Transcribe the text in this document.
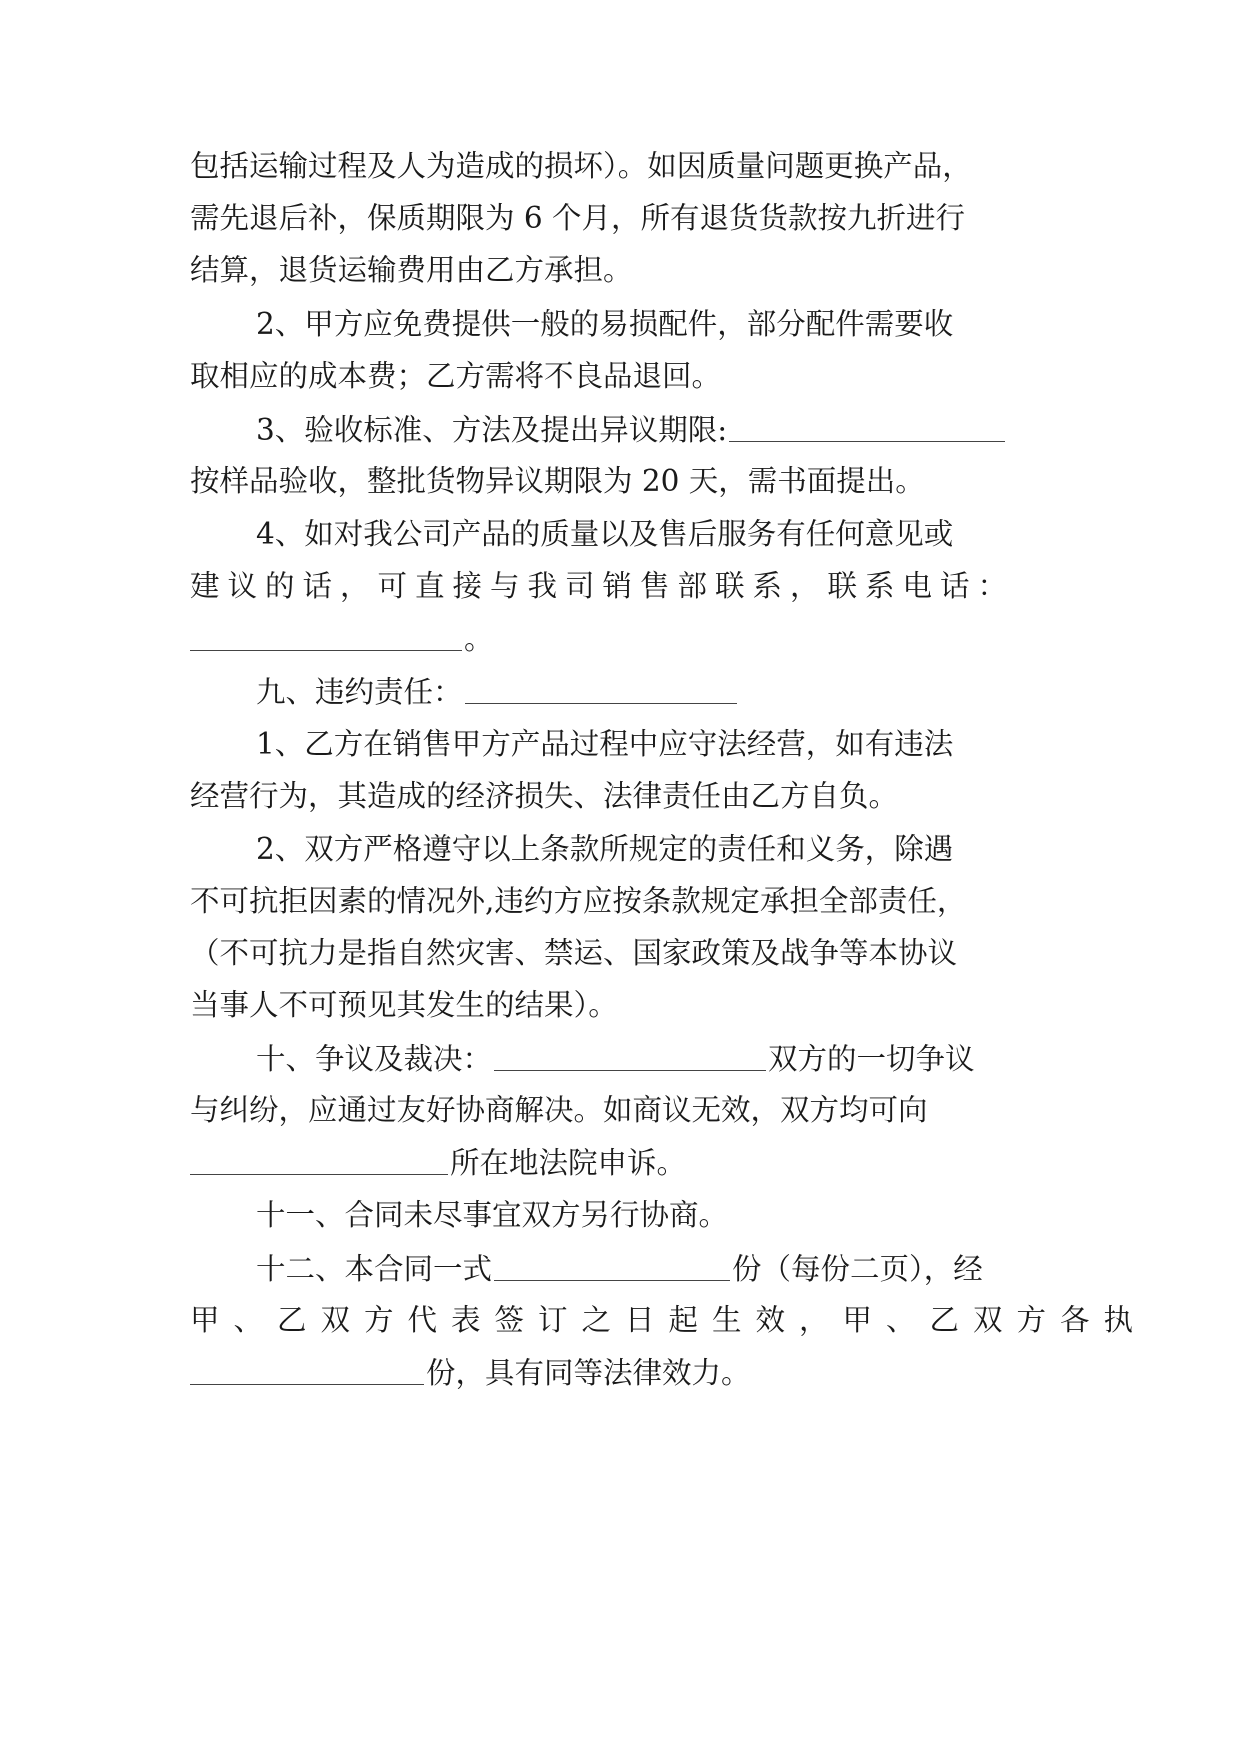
包括运输过程及人为造成的损坏）。如因质量问题更换产品，
需先退后补，保质期限为 6 个月，所有退货货款按九折进行
结算，退货运输费用由乙方承担。
2、甲方应免费提供一般的易损配件，部分配件需要收
取相应的成本费；乙方需将不良品退回。
3、验收标准、方法及提出异议期限:
按样品验收，整批货物异议期限为 20 天，需书面提出。
4、如对我公司产品的质量以及售后服务有任何意见或
建议的话，可直接与我司销售部联系，联系电话：
。
九、违约责任：
1、乙方在销售甲方产品过程中应守法经营，如有违法
经营行为，其造成的经济损失、法律责任由乙方自负。
2、双方严格遵守以上条款所规定的责任和义务，除遇
不可抗拒因素的情况外,违约方应按条款规定承担全部责任，
（不可抗力是指自然灾害、禁运、国家政策及战争等本协议
当事人不可预见其发生的结果）。
十、争议及裁决：	双方的一切争议
与纠纷，应通过友好协商解决。如商议无效，双方均可向
所在地法院申诉。
十一、合同未尽事宜双方另行协商。
十二、本合同一式	份（每份二页），经
甲、乙双方代表签订之日起生效，甲、乙双方各执
份，具有同等法律效力。
